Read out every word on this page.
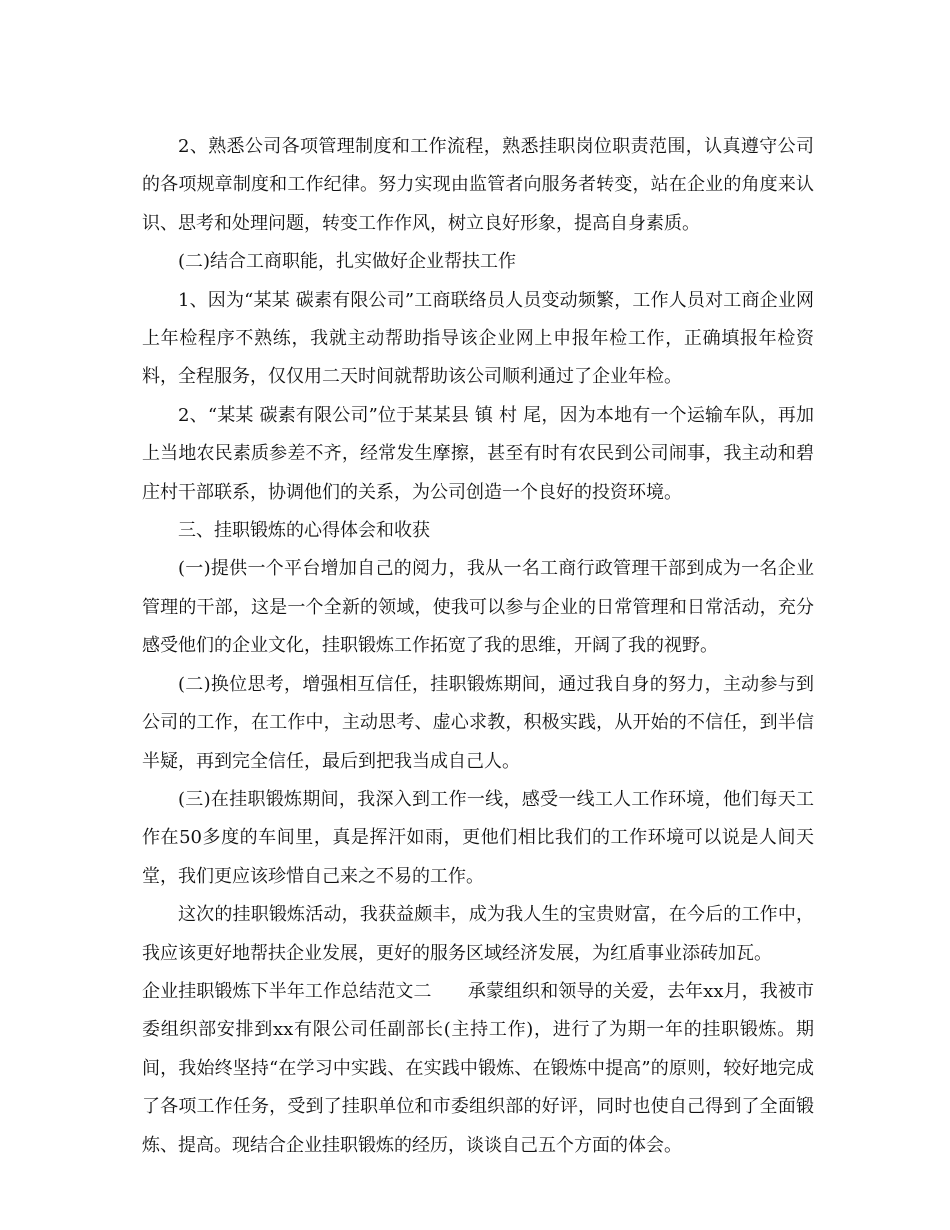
2、熟悉公司各项管理制度和工作流程，熟悉挂职岗位职责范围，认真遵守公司的各项规章制度和工作纪律。努力实现由监管者向服务者转变，站在企业的角度来认识、思考和处理问题，转变工作作风，树立良好形象，提高自身素质。

(二)结合工商职能，扎实做好企业帮扶工作

1、因为“某某 碳素有限公司”工商联络员人员变动频繁，工作人员对工商企业网上年检程序不熟练，我就主动帮助指导该企业网上申报年检工作，正确填报年检资料，全程服务，仅仅用二天时间就帮助该公司顺利通过了企业年检。

2、“某某 碳素有限公司”位于某某县 镇 村 尾，因为本地有一个运输车队，再加上当地农民素质参差不齐，经常发生摩擦，甚至有时有农民到公司闹事，我主动和碧庄村干部联系，协调他们的关系，为公司创造一个良好的投资环境。

三、挂职锻炼的心得体会和收获

(一)提供一个平台增加自己的阅力，我从一名工商行政管理干部到成为一名企业管理的干部，这是一个全新的领域，使我可以参与企业的日常管理和日常活动，充分感受他们的企业文化，挂职锻炼工作拓宽了我的思维，开阔了我的视野。

(二)换位思考，增强相互信任，挂职锻炼期间，通过我自身的努力，主动参与到公司的工作，在工作中，主动思考、虚心求教，积极实践，从开始的不信任，到半信半疑，再到完全信任，最后到把我当成自己人。

(三)在挂职锻炼期间，我深入到工作一线，感受一线工人工作环境，他们每天工作在50多度的车间里，真是挥汗如雨，更他们相比我们的工作环境可以说是人间天堂，我们更应该珍惜自己来之不易的工作。

这次的挂职锻炼活动，我获益颇丰，成为我人生的宝贵财富，在今后的工作中，我应该更好地帮扶企业发展，更好的服务区域经济发展，为红盾事业添砖加瓦。

企业挂职锻炼下半年工作总结范文二　　承蒙组织和领导的关爱，去年xx月，我被市委组织部安排到xx有限公司任副部长(主持工作)，进行了为期一年的挂职锻炼。期间，我始终坚持“在学习中实践、在实践中锻炼、在锻炼中提高”的原则，较好地完成了各项工作任务，受到了挂职单位和市委组织部的好评，同时也使自己得到了全面锻炼、提高。现结合企业挂职锻炼的经历，谈谈自己五个方面的体会。
